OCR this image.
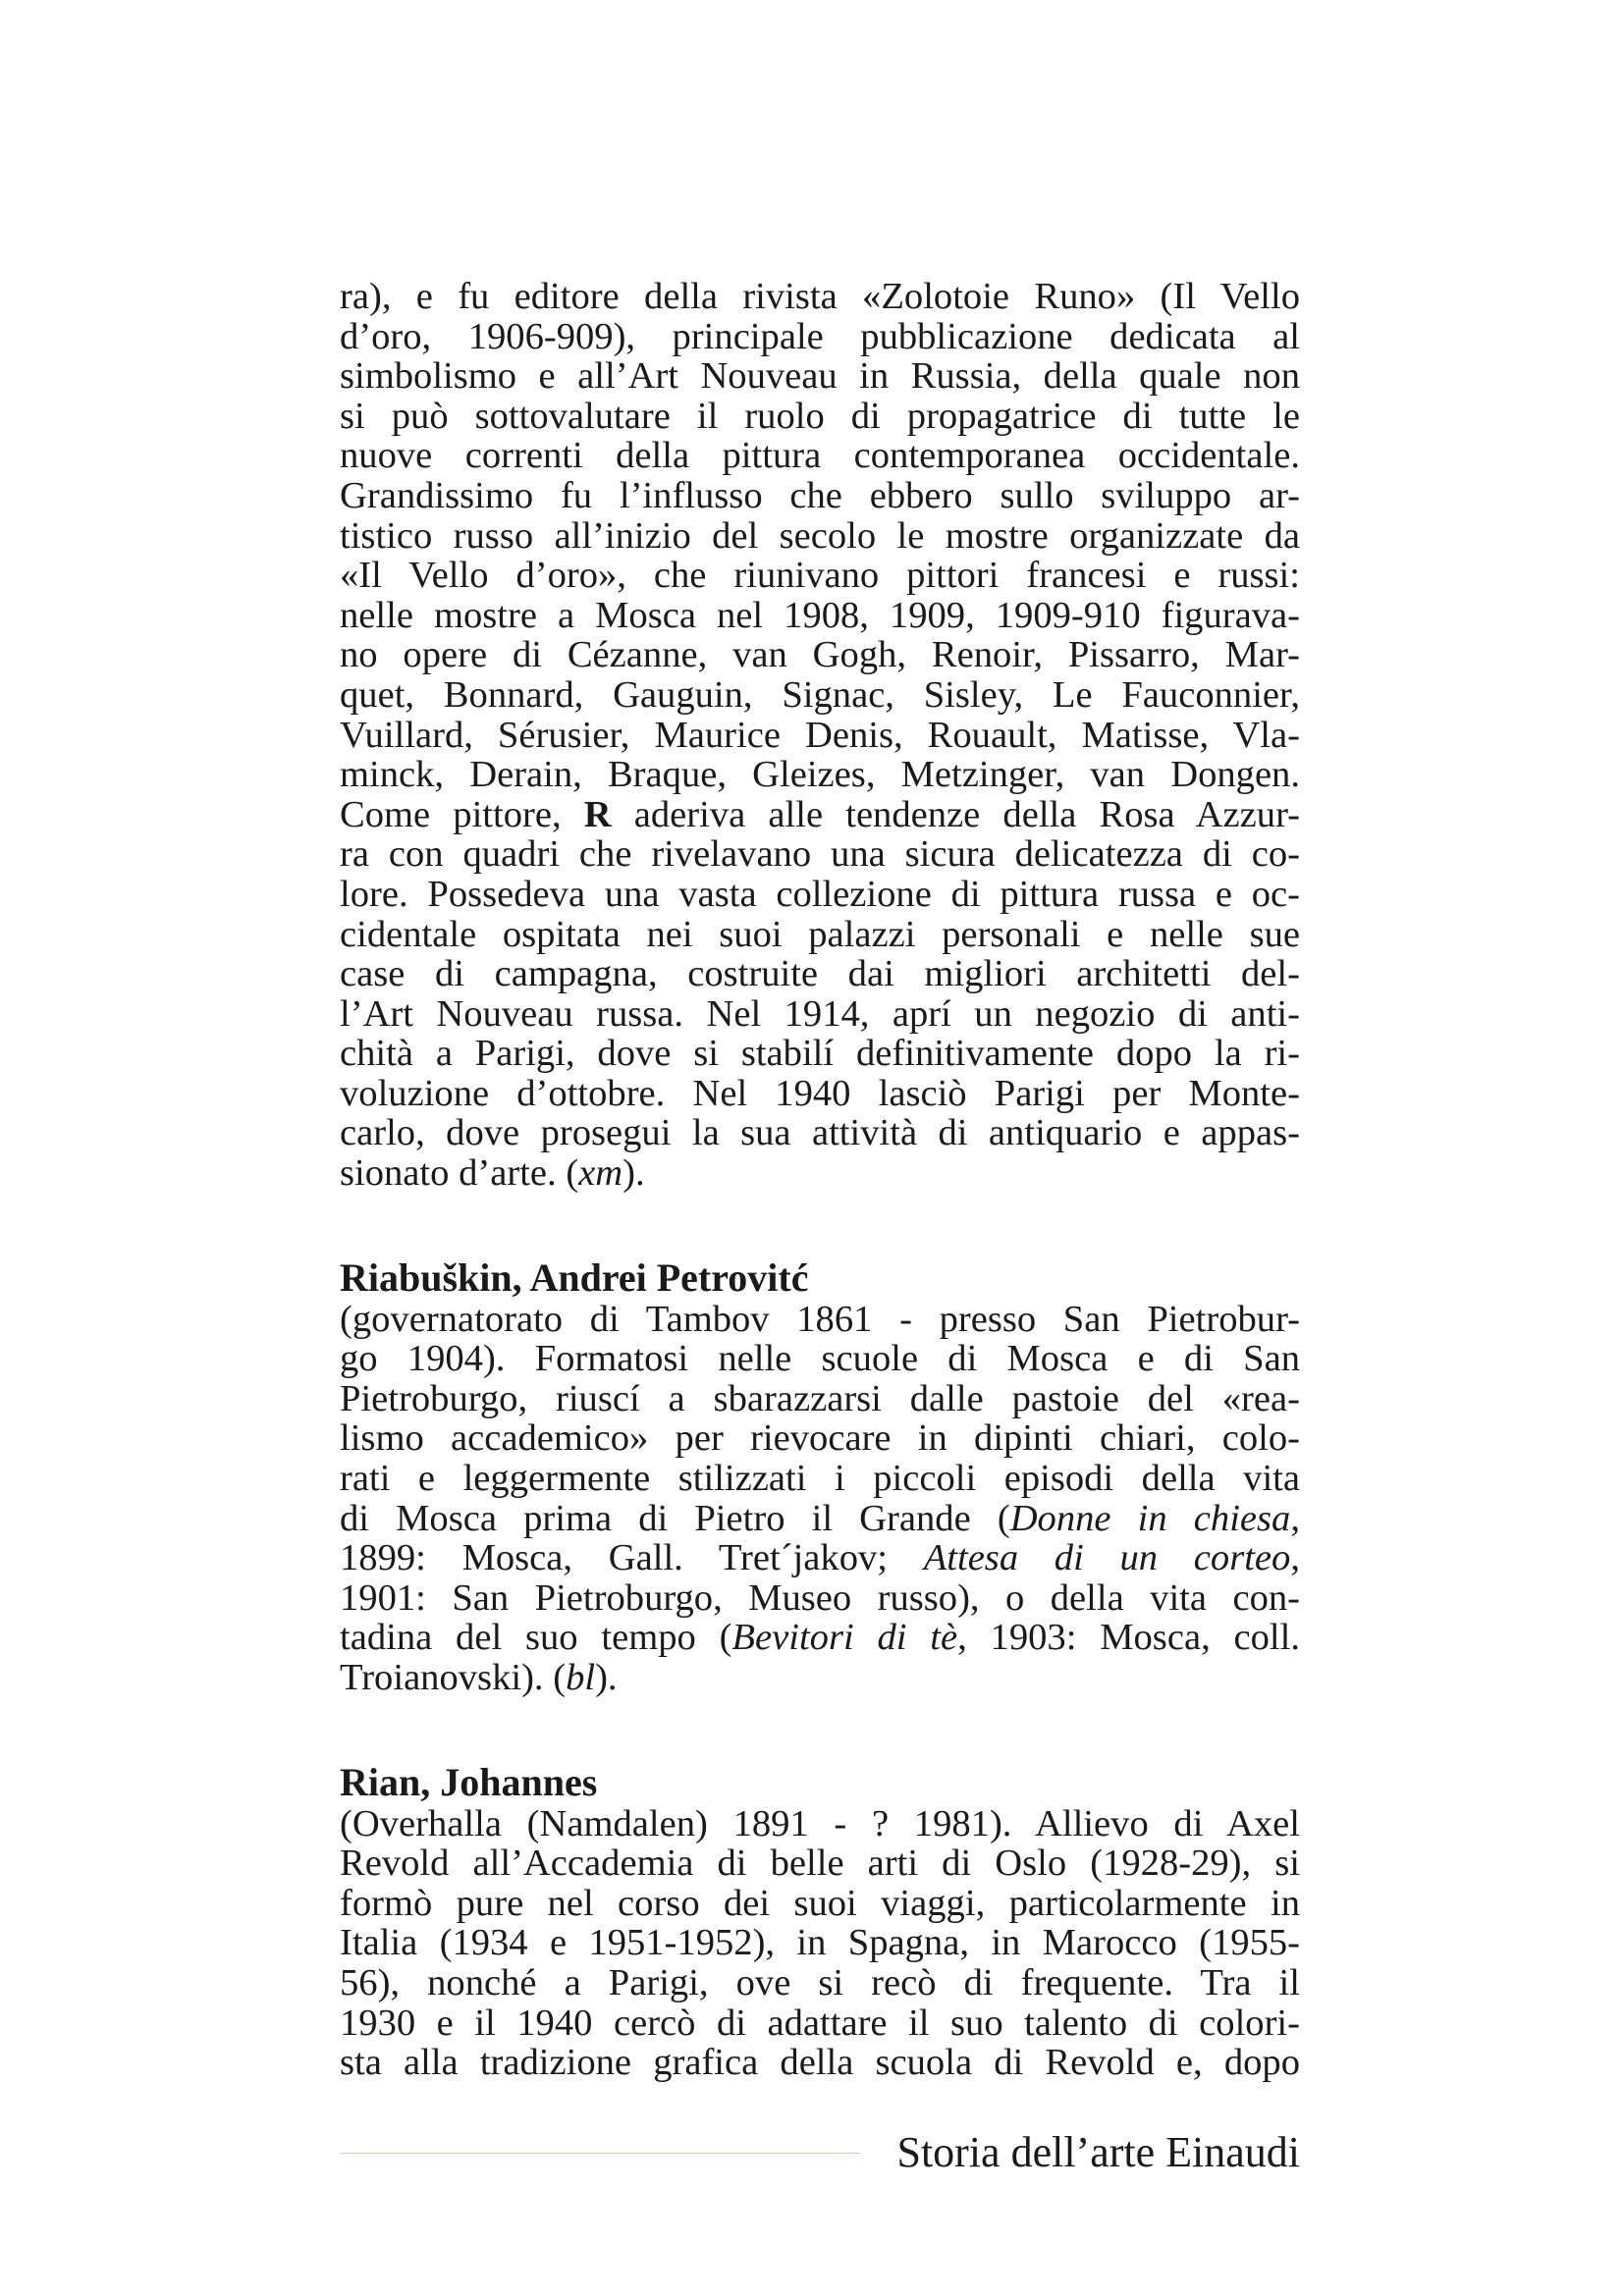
ra), e fu editore della rivista «Zolotoie Runo» (Il Vello
d’oro, 1906-909), principale pubblicazione dedicata al
simbolismo e all’Art Nouveau in Russia, della quale non
si può sottovalutare il ruolo di propagatrice di tutte le
nuove correnti della pittura contemporanea occidentale.
Grandissimo fu l’influsso che ebbero sullo sviluppo ar-
tistico russo all’inizio del secolo le mostre organizzate da
«Il Vello d’oro», che riunivano pittori francesi e russi:
nelle mostre a Mosca nel 1908, 1909, 1909-910 figurava-
no opere di Cézanne, van Gogh, Renoir, Pissarro, Mar-
quet, Bonnard, Gauguin, Signac, Sisley, Le Fauconnier,
Vuillard, Sérusier, Maurice Denis, Rouault, Matisse, Vla-
minck, Derain, Braque, Gleizes, Metzinger, van Dongen.
Come pittore, R aderiva alle tendenze della Rosa Azzur-
ra con quadri che rivelavano una sicura delicatezza di co-
lore. Possedeva una vasta collezione di pittura russa e oc-
cidentale ospitata nei suoi palazzi personali e nelle sue
case di campagna, costruite dai migliori architetti del-
l’Art Nouveau russa. Nel 1914, aprí un negozio di anti-
chità a Parigi, dove si stabilí definitivamente dopo la ri-
voluzione d’ottobre. Nel 1940 lasciò Parigi per Monte-
carlo, dove prosegui la sua attività di antiquario e appas-
sionato d’arte. (xm).
Riabuškin, Andrei Petrovitć
(governatorato di Tambov 1861 - presso San Pietrobur-
go 1904). Formatosi nelle scuole di Mosca e di San
Pietroburgo, riuscí a sbarazzarsi dalle pastoie del «rea-
lismo accademico» per rievocare in dipinti chiari, colo-
rati e leggermente stilizzati i piccoli episodi della vita
di Mosca prima di Pietro il Grande (Donne in chiesa,
1899: Mosca, Gall. Tret´jakov; Attesa di un corteo,
1901: San Pietroburgo, Museo russo), o della vita con-
tadina del suo tempo (Bevitori di tè, 1903: Mosca, coll.
Troianovski). (bl).
Rian, Johannes
(Overhalla (Namdalen) 1891 - ? 1981). Allievo di Axel
Revold all’Accademia di belle arti di Oslo (1928-29), si
formò pure nel corso dei suoi viaggi, particolarmente in
Italia (1934 e 1951-1952), in Spagna, in Marocco (1955-
56), nonché a Parigi, ove si recò di frequente. Tra il
1930 e il 1940 cercò di adattare il suo talento di colori-
sta alla tradizione grafica della scuola di Revold e, dopo
Storia dell’arte Einaudi
